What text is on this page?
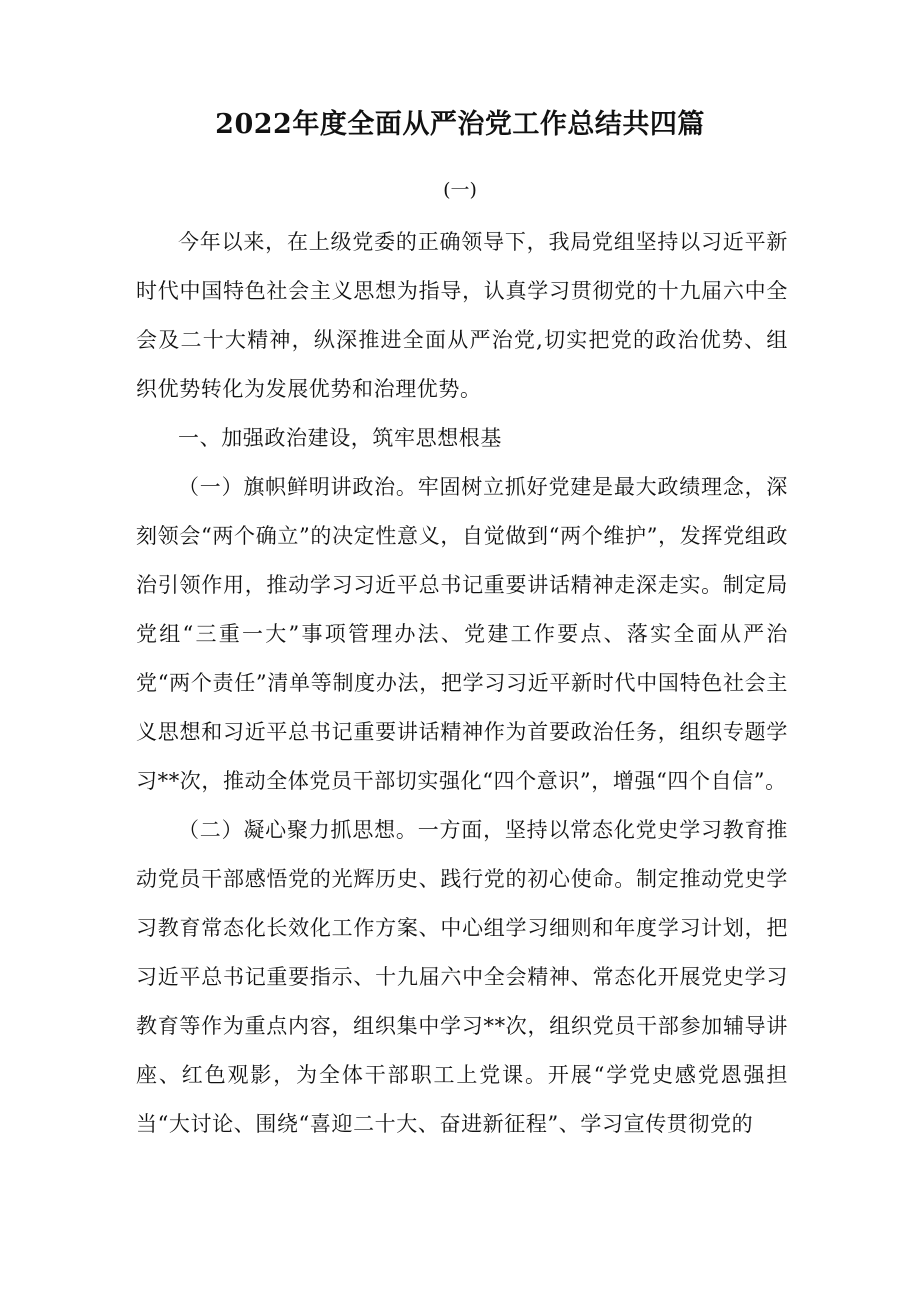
2022年度全面从严治党工作总结共四篇
(一)

今年以来，在上级党委的正确领导下，我局党组坚持以习近平新时代中国特色社会主义思想为指导，认真学习贯彻党的十九届六中全会及二十大精神，纵深推进全面从严治党,切实把党的政治优势、组织优势转化为发展优势和治理优势。

一、加强政治建设，筑牢思想根基

（一）旗帜鲜明讲政治。牢固树立抓好党建是最大政绩理念，深刻领会“两个确立”的决定性意义，自觉做到“两个维护”，发挥党组政治引领作用，推动学习习近平总书记重要讲话精神走深走实。制定局党组“三重一大”事项管理办法、党建工作要点、落实全面从严治党“两个责任”清单等制度办法，把学习习近平新时代中国特色社会主义思想和习近平总书记重要讲话精神作为首要政治任务，组织专题学习**次，推动全体党员干部切实强化“四个意识”，增强“四个自信”。

（二）凝心聚力抓思想。一方面，坚持以常态化党史学习教育推动党员干部感悟党的光辉历史、践行党的初心使命。制定推动党史学习教育常态化长效化工作方案、中心组学习细则和年度学习计划，把习近平总书记重要指示、十九届六中全会精神、常态化开展党史学习教育等作为重点内容，组织集中学习**次，组织党员干部参加辅导讲座、红色观影，为全体干部职工上党课。开展“学党史感党恩强担当“大讨论、围绕“喜迎二十大、奋进新征程”、学习宣传贯彻党的
